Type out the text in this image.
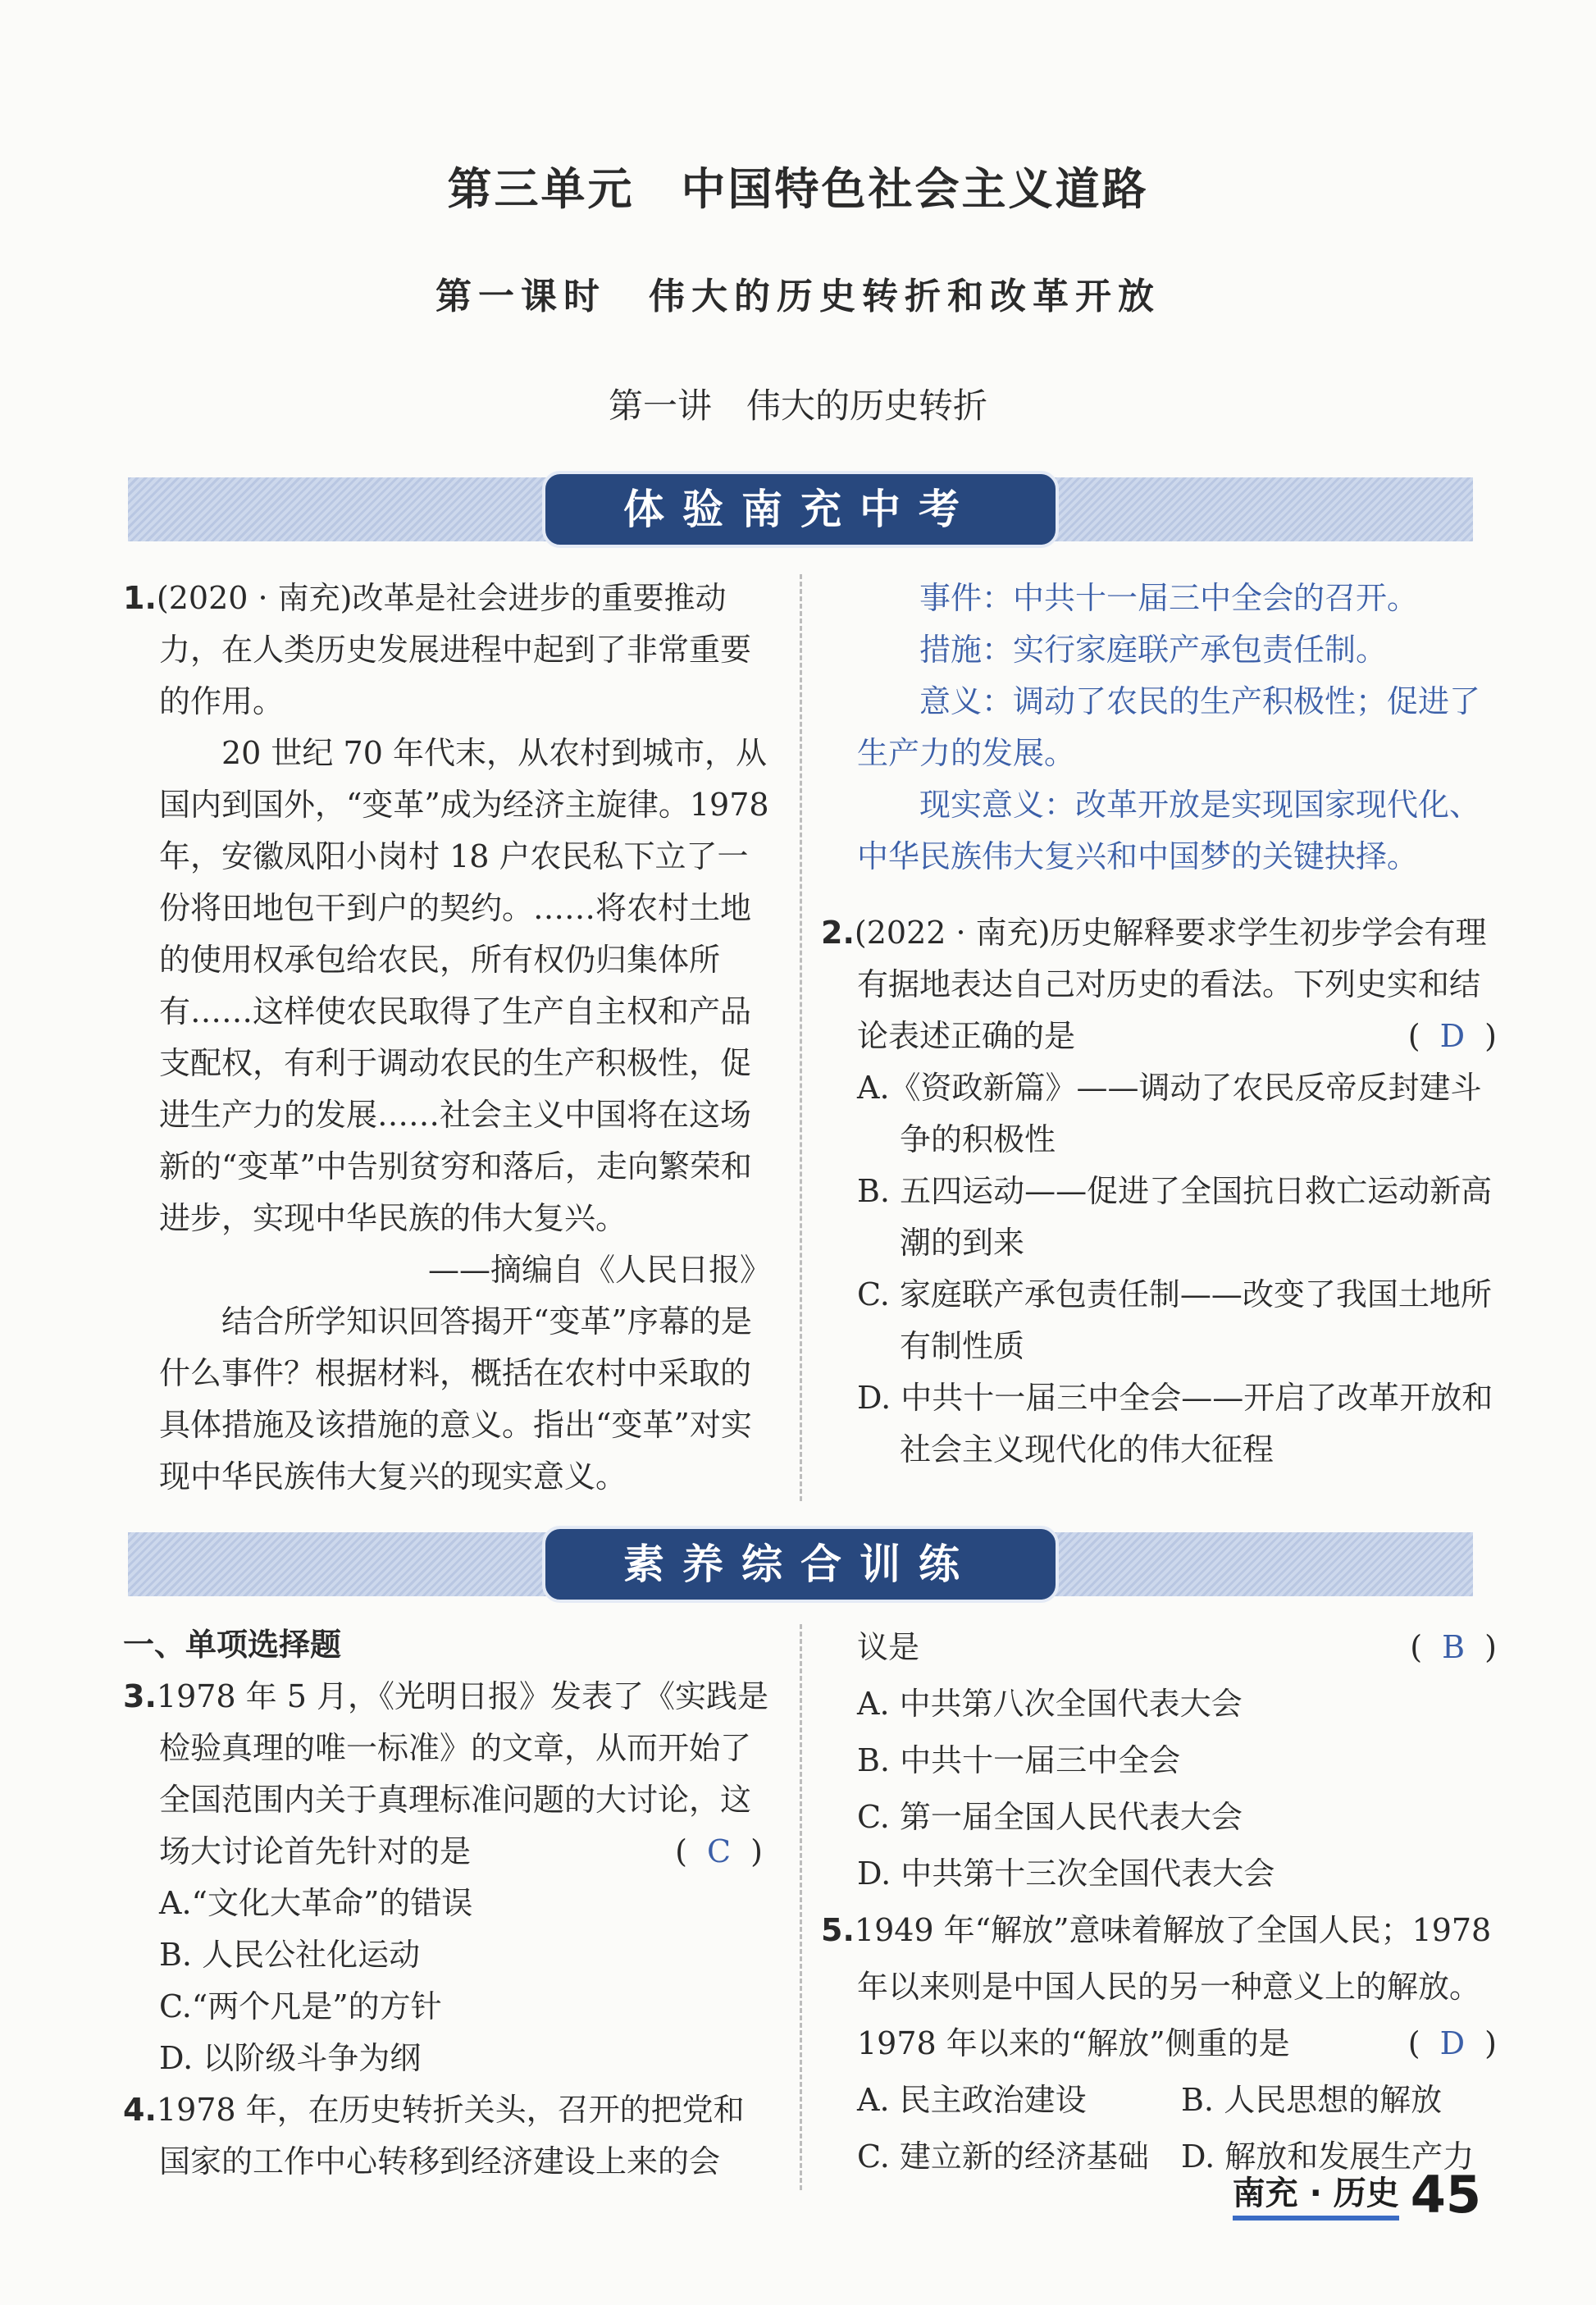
第三单元　中国特色社会主义道路
第一课时　伟大的历史转折和改革开放
第一讲　伟大的历史转折
体验南充中考

1.(2020 · 南充)改革是社会进步的重要推动力，在人类历史发展进程中起到了非常重要的作用。

20 世纪 70 年代末，从农村到城市，从国内到国外，“变革”成为经济主旋律。1978 年，安徽凤阳小岗村 18 户农民私下立了一份将田地包干到户的契约。……将农村土地的使用权承包给农民，所有权仍归集体所有……这样使农民取得了生产自主权和产品支配权，有利于调动农民的生产积极性，促进生产力的发展……社会主义中国将在这场新的“变革”中告别贫穷和落后，走向繁荣和进步，实现中华民族的伟大复兴。

——摘编自《人民日报》

结合所学知识回答揭开“变革”序幕的是什么事件？根据材料，概括在农村中采取的具体措施及该措施的意义。指出“变革”对实现中华民族伟大复兴的现实意义。

事件：中共十一届三中全会的召开。

措施：实行家庭联产承包责任制。

意义：调动了农民的生产积极性；促进了生产力的发展。

现实意义：改革开放是实现国家现代化、中华民族伟大复兴和中国梦的关键抉择。

2.(2022 · 南充)历史解释要求学生初步学会有理有据地表达自己对历史的看法。下列史实和结论表述正确的是	( D )

A.《资政新篇》——调动了农民反帝反封建斗争的积极性

B. 五四运动——促进了全国抗日救亡运动新高潮的到来

C. 家庭联产承包责任制——改变了我国土地所有制性质

D. 中共十一届三中全会——开启了改革开放和社会主义现代化的伟大征程

素养综合训练

一、单项选择题

3.1978 年 5 月，《光明日报》发表了《实践是检验真理的唯一标准》的文章，从而开始了全国范围内关于真理标准问题的大讨论，这场大讨论首先针对的是	( C )

A.“文化大革命”的错误

B. 人民公社化运动

C.“两个凡是”的方针

D. 以阶级斗争为纲

4.1978 年，在历史转折关头，召开的把党和国家的工作中心转移到经济建设上来的会

议是	( B )

A. 中共第八次全国代表大会

B. 中共十一届三中全会

C. 第一届全国人民代表大会

D. 中共第十三次全国代表大会

5.1949 年“解放”意味着解放了全国人民；1978 年以来则是中国人民的另一种意义上的解放。1978 年以来的“解放”侧重的是	( D )

A. 民主政治建设	B. 人民思想的解放
C. 建立新的经济基础	D. 解放和发展生产力
南充 · 历史 45
